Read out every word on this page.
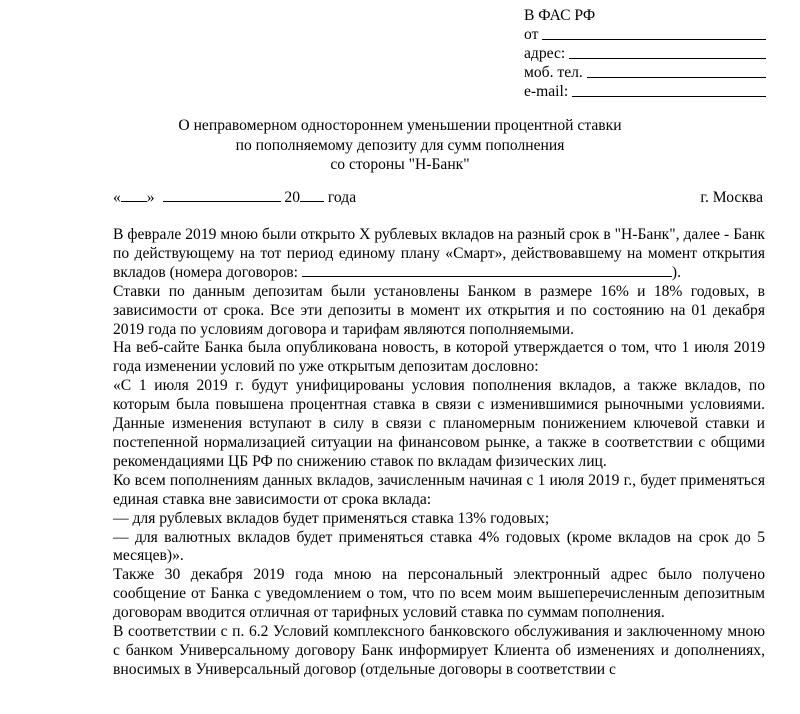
В ФАС РФ
от
адрес:
моб. тел.
e-mail:
О неправомерном одностороннем уменьшении процентной ставки
по пополняемому депозиту для сумм пополнения
со стороны "Н-Банк"
« »	20 года	г. Москва

В феврале 2019 мною были открыто Х рублевых вкладов на разный срок в "Н-Банк", далее - Банк по действующему на тот период единому плану «Смарт», действовавшему на момент открытия вкладов (номера договоров:	).

Ставки по данным депозитам были установлены Банком в размере 16% и 18% годовых, в зависимости от срока. Все эти депозиты в момент их открытия и по состоянию на 01 декабря 2019 года по условиям договора и тарифам являются пополняемыми.

На веб-сайте Банка была опубликована новость, в которой утверждается о том, что 1 июля 2019 года изменении условий по уже открытым депозитам дословно:

«С 1 июля 2019 г. будут унифицированы условия пополнения вкладов, а также вкладов, по которым была повышена процентная ставка в связи с изменившимися рыночными условиями. Данные изменения вступают в силу в связи с планомерным понижением ключевой ставки и постепенной нормализацией ситуации на финансовом рынке, а также в соответствии с общими рекомендациями ЦБ РФ по снижению ставок по вкладам физических лиц.

Ко всем пополнениям данных вкладов, зачисленным начиная с 1 июля 2019 г., будет применяться единая ставка вне зависимости от срока вклада:

— для рублевых вкладов будет применяться ставка 13% годовых;

— для валютных вкладов будет применяться ставка 4% годовых (кроме вкладов на срок до 5 месяцев)».

Также 30 декабря 2019 года мною на персональный электронный адрес было получено сообщение от Банка с уведомлением о том, что по всем моим вышеперечисленным депозитным договорам вводится отличная от тарифных условий ставка по суммам пополнения.

В соответствии с п. 6.2 Условий комплексного банковского обслуживания и заключенному мною с банком Универсальному договору Банк информирует Клиента об изменениях и дополнениях, вносимых в Универсальный договор (отдельные договоры в соответствии с
